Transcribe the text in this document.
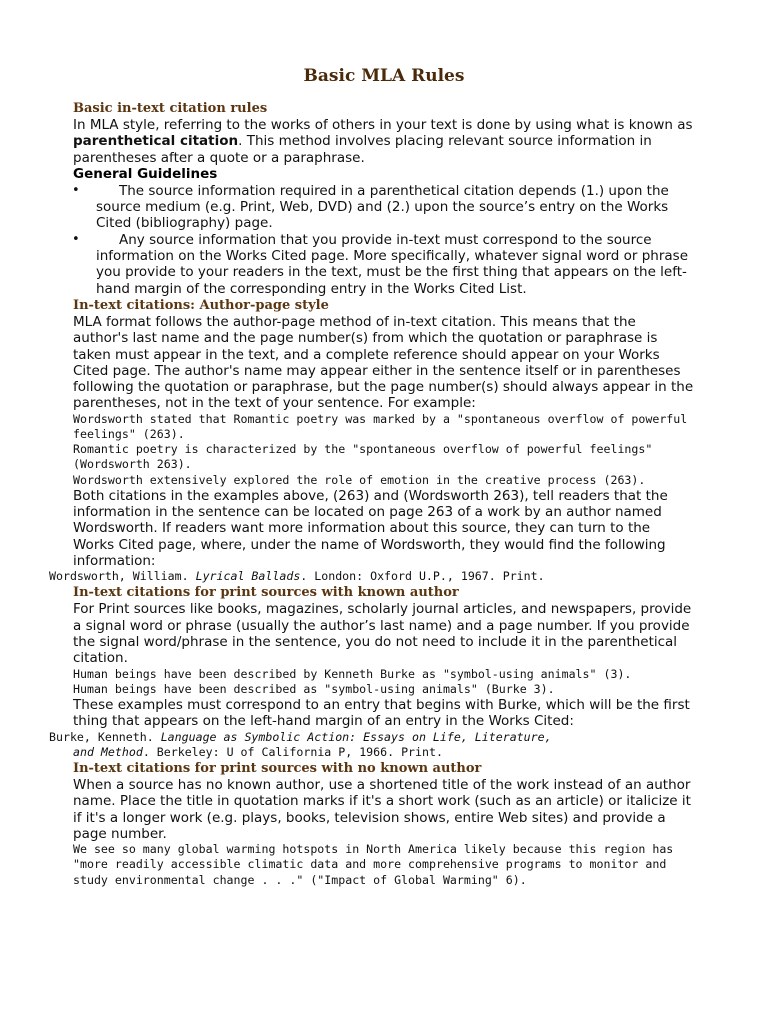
Basic MLA Rules

Basic in-text citation rules

In MLA style, referring to the works of others in your text is done by using what is known as parenthetical citation. This method involves placing relevant source information in parentheses after a quote or a paraphrase.

General Guidelines

•	The source information required in a parenthetical citation depends (1.) upon the source medium (e.g. Print, Web, DVD) and (2.) upon the source’s entry on the Works Cited (bibliography) page.
•	Any source information that you provide in-text must correspond to the source information on the Works Cited page. More specifically, whatever signal word or phrase you provide to your readers in the text, must be the first thing that appears on the left-hand margin of the corresponding entry in the Works Cited List.

In-text citations: Author-page style

MLA format follows the author-page method of in-text citation. This means that the author's last name and the page number(s) from which the quotation or paraphrase is taken must appear in the text, and a complete reference should appear on your Works Cited page. The author's name may appear either in the sentence itself or in parentheses following the quotation or paraphrase, but the page number(s) should always appear in the parentheses, not in the text of your sentence. For example:

Wordsworth stated that Romantic poetry was marked by a "spontaneous overflow of powerful feelings" (263).

Romantic poetry is characterized by the "spontaneous overflow of powerful feelings" (Wordsworth 263).

Wordsworth extensively explored the role of emotion in the creative process (263).

Both citations in the examples above, (263) and (Wordsworth 263), tell readers that the information in the sentence can be located on page 263 of a work by an author named Wordsworth. If readers want more information about this source, they can turn to the Works Cited page, where, under the name of Wordsworth, they would find the following information:

Wordsworth, William. Lyrical Ballads. London: Oxford U.P., 1967. Print.

In-text citations for print sources with known author

For Print sources like books, magazines, scholarly journal articles, and newspapers, provide a signal word or phrase (usually the author’s last name) and a page number. If you provide the signal word/phrase in the sentence, you do not need to include it in the parenthetical citation.

Human beings have been described by Kenneth Burke as "symbol-using animals" (3).

Human beings have been described as "symbol-using animals" (Burke 3).

These examples must correspond to an entry that begins with Burke, which will be the first thing that appears on the left-hand margin of an entry in the Works Cited:

Burke, Kenneth. Language as Symbolic Action: Essays on Life, Literature,
and Method. Berkeley: U of California P, 1966. Print.

In-text citations for print sources with no known author

When a source has no known author, use a shortened title of the work instead of an author name. Place the title in quotation marks if it's a short work (such as an article) or italicize it if it's a longer work (e.g. plays, books, television shows, entire Web sites) and provide a page number.

We see so many global warming hotspots in North America likely because this region has "more readily accessible climatic data and more comprehensive programs to monitor and study environmental change . . ." ("Impact of Global Warming" 6).
